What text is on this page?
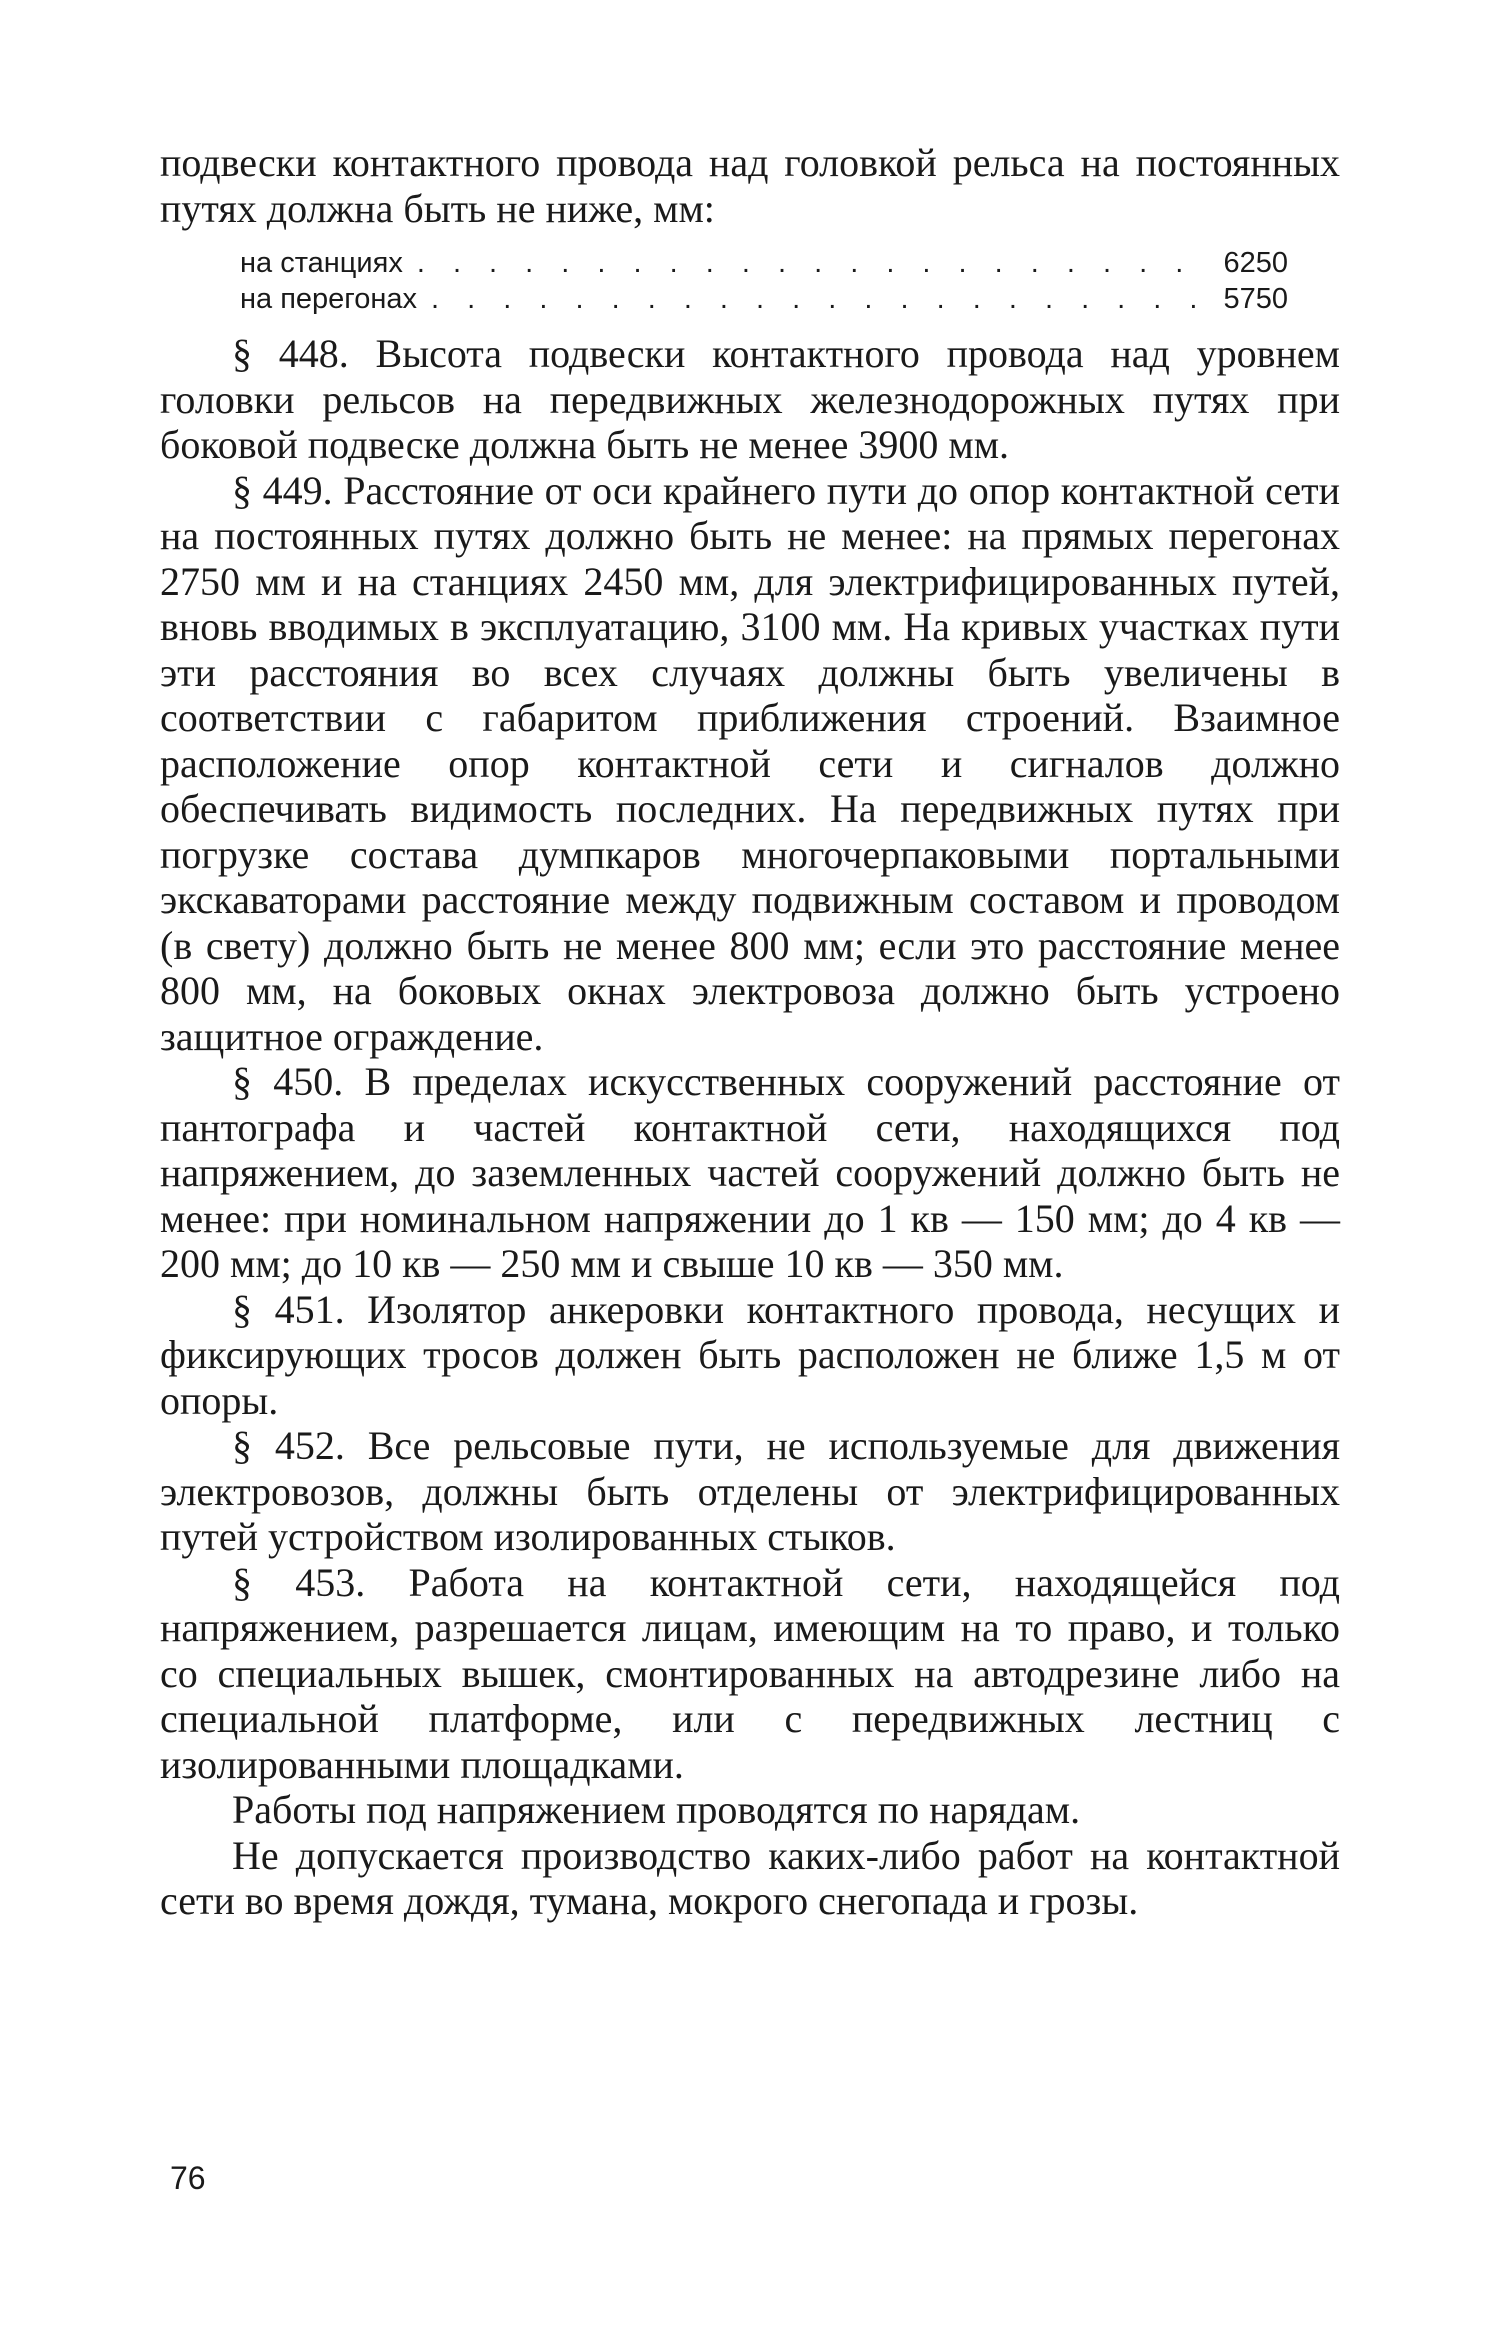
подвески контактного провода над головкой рельса на постоянных путях должна быть не ниже, мм:

на станциях . . .	6250
на перегонах . . .	5750

§ 448. Высота подвески контактного провода над уровнем головки рельсов на передвижных железнодорожных путях при боковой подвеске должна быть не менее 3900 мм.

§ 449. Расстояние от оси крайнего пути до опор контактной сети на постоянных путях должно быть не менее: на прямых перегонах 2750 мм и на станциях 2450 мм, для электрифицированных путей, вновь вводимых в эксплуатацию, 3100 мм. На кривых участках пути эти расстояния во всех случаях должны быть увеличены в соответствии с габаритом приближения строений. Взаимное расположение опор контактной сети и сигналов должно обеспечивать видимость последних. На передвижных путях при погрузке состава думпкаров многочерпаковыми портальными экскаваторами расстояние между подвижным составом и проводом (в свету) должно быть не менее 800 мм; если это расстояние менее 800 мм, на боковых окнах электровоза должно быть устроено защитное ограждение.

§ 450. В пределах искусственных сооружений расстояние от пантографа и частей контактной сети, находящихся под напряжением, до заземленных частей сооружений должно быть не менее: при номинальном напряжении до 1 кв — 150 мм; до 4 кв — 200 мм; до 10 кв — 250 мм и свыше 10 кв — 350 мм.

§ 451. Изолятор анкеровки контактного провода, несущих и фиксирующих тросов должен быть расположен не ближе 1,5 м от опоры.

§ 452. Все рельсовые пути, не используемые для движения электровозов, должны быть отделены от электрифицированных путей устройством изолированных стыков.

§ 453. Работа на контактной сети, находящейся под напряжением, разрешается лицам, имеющим на то право, и только со специальных вышек, смонтированных на автодрезине либо на специальной платформе, или с передвижных лестниц с изолированными площадками.

Работы под напряжением проводятся по нарядам.

Не допускается производство каких-либо работ на контактной сети во время дождя, тумана, мокрого снегопада и грозы.

76
